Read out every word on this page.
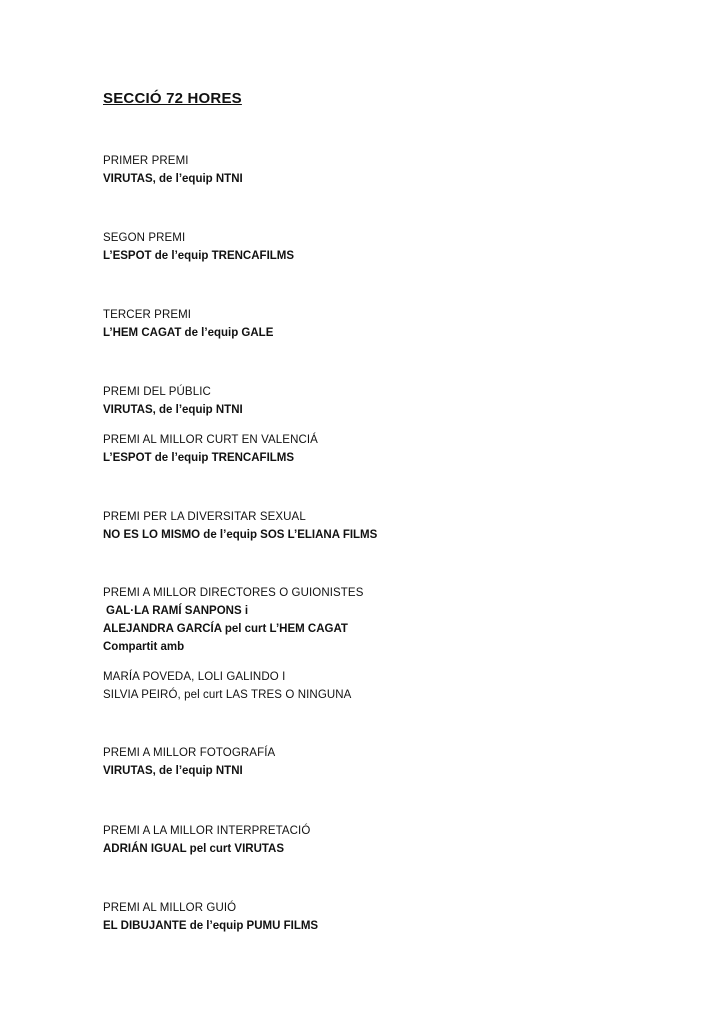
SECCIÓ 72 HORES
PRIMER PREMI
VIRUTAS, de l’equip NTNI
SEGON PREMI
L’ESPOT de l’equip TRENCAFILMS
TERCER PREMI
L’HEM CAGAT de l’equip GALE
PREMI DEL PÚBLIC
VIRUTAS, de l’equip NTNI
PREMI AL MILLOR CURT EN VALENCIÁ
L’ESPOT de l’equip TRENCAFILMS
PREMI PER LA DIVERSITAR SEXUAL
NO ES LO MISMO de l’equip SOS L’ELIANA FILMS
PREMI A MILLOR DIRECTORES O GUIONISTES
GAL·LA RAMÍ SANPONS i
ALEJANDRA GARCÍA pel curt L’HEM CAGAT
Compartit amb
MARÍA POVEDA, LOLI GALINDO I
SILVIA PEIRÓ, pel curt LAS TRES O NINGUNA
PREMI A MILLOR FOTOGRAFÍA
VIRUTAS, de l’equip NTNI
PREMI A LA MILLOR INTERPRETACIÓ
ADRIÁN IGUAL pel curt VIRUTAS
PREMI AL MILLOR GUIÓ
EL DIBUJANTE de l’equip PUMU FILMS
